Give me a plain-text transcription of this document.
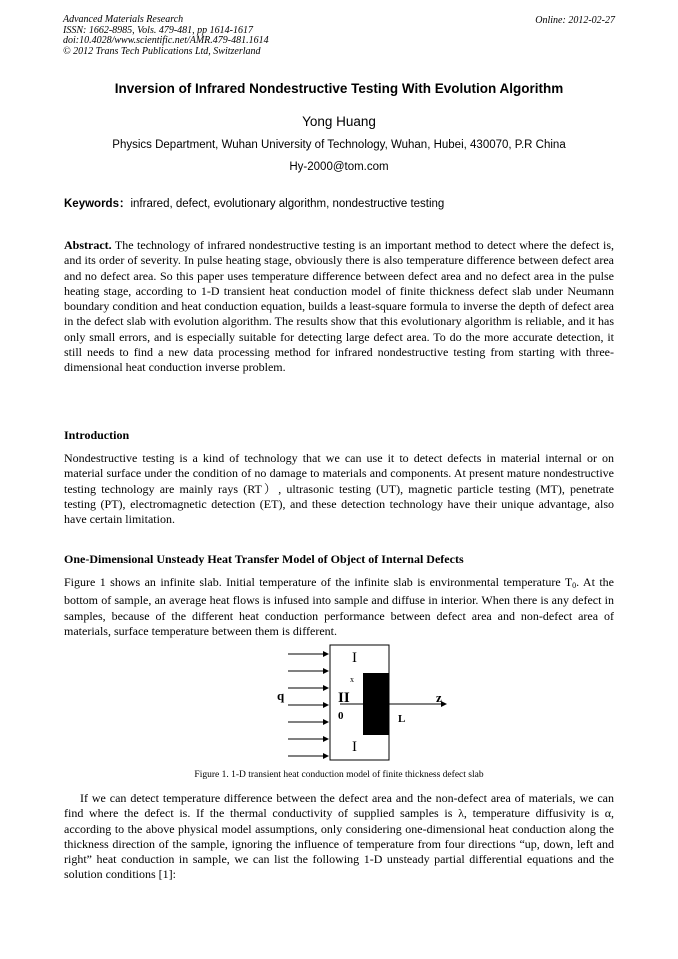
Advanced Materials Research
ISSN: 1662-8985, Vols. 479-481, pp 1614-1617
doi:10.4028/www.scientific.net/AMR.479-481.1614
© 2012 Trans Tech Publications Ltd, Switzerland
Online: 2012-02-27
Inversion of Infrared Nondestructive Testing With Evolution Algorithm
Yong Huang
Physics Department, Wuhan University of Technology, Wuhan, Hubei, 430070, P.R China
Hy-2000@tom.com
Keywords：infrared, defect, evolutionary algorithm, nondestructive testing
Abstract. The technology of infrared nondestructive testing is an important method to detect where the defect is, and its order of severity. In pulse heating stage, obviously there is also temperature difference between defect area and no defect area. So this paper uses temperature difference between defect area and no defect area in the pulse heating stage, according to 1-D transient heat conduction model of finite thickness defect slab under Neumann boundary condition and heat conduction equation, builds a least-square formula to inverse the depth of defect area in the defect slab with evolution algorithm. The results show that this evolutionary algorithm is reliable, and it has only small errors, and is especially suitable for detecting large defect area. To do the more accurate detection, it still needs to find a new data processing method for infrared nondestructive testing from starting with three-dimensional heat conduction inverse problem.
Introduction
Nondestructive testing is a kind of technology that we can use it to detect defects in material internal or on material surface under the condition of no damage to materials and components. At present mature nondestructive testing technology are mainly rays (RT）, ultrasonic testing (UT), magnetic particle testing (MT), penetrate testing (PT), electromagnetic detection (ET), and these detection technology have their unique advantage, also have certain limitation.
One-Dimensional Unsteady Heat Transfer Model of Object of Internal Defects
Figure 1 shows an infinite slab. Initial temperature of the infinite slab is environmental temperature $T_0$. At the bottom of sample, an average heat flows is infused into sample and diffuse in interior. When there is any defect in samples, because of the different heat conduction performance between defect area and non-defect area of materials, surface temperature between them is different.
q
I
x
II
0
I
z
L
Figure 1. 1-D transient heat conduction model of finite thickness defect slab
If we can detect temperature difference between the defect area and the non-defect area of materials, we can find where the defect is. If the thermal conductivity of supplied samples is λ, temperature diffusivity is α, according to the above physical model assumptions, only considering one-dimensional heat conduction along the thickness direction of the sample, ignoring the influence of temperature from four directions “up, down, left and right” heat conduction in sample, we can list the following 1-D unsteady partial differential equations and the solution conditions [1]:
